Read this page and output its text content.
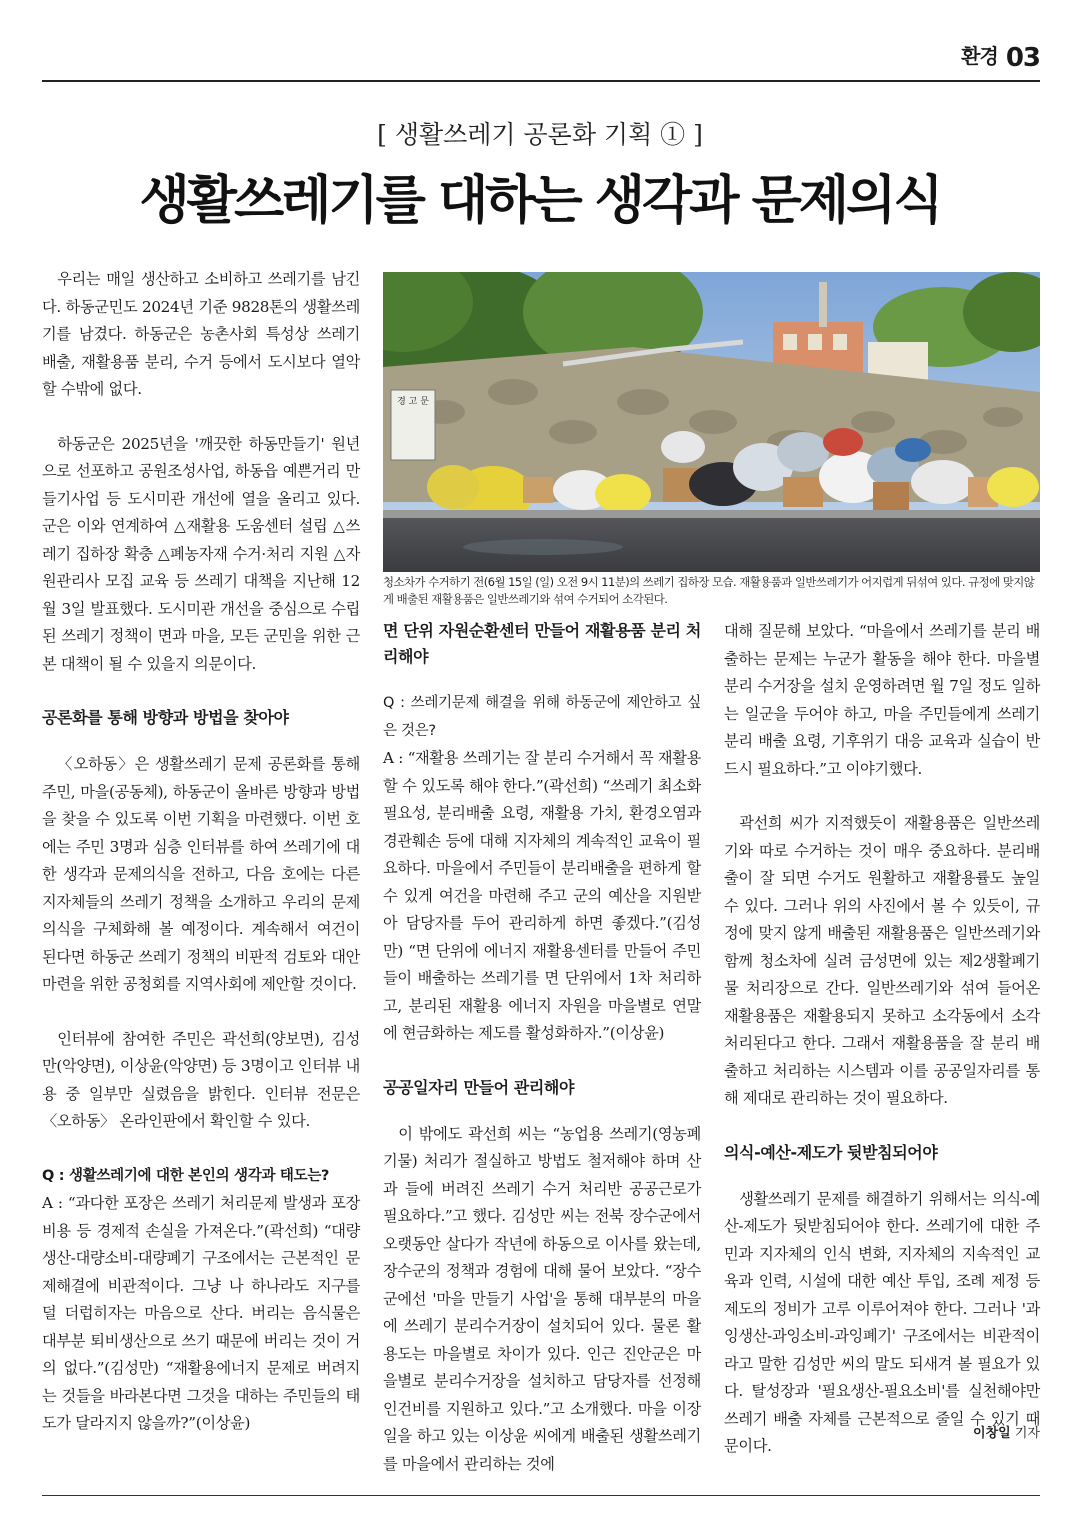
환경 03
[ 생활쓰레기 공론화 기획 ① ]
생활쓰레기를 대하는 생각과 문제의식

우리는 매일 생산하고 소비하고 쓰레기를 남긴다. 하동군민도 2024년 기준 9828톤의 생활쓰레기를 남겼다. 하동군은 농촌사회 특성상 쓰레기 배출, 재활용품 분리, 수거 등에서 도시보다 열악할 수밖에 없다.

하동군은 2025년을 '깨끗한 하동만들기' 원년으로 선포하고 공원조성사업, 하동읍 예쁜거리 만들기사업 등 도시미관 개선에 열을 올리고 있다. 군은 이와 연계하여 △재활용 도움센터 설립 △쓰레기 집하장 확충 △폐농자재 수거·처리 지원 △자원관리사 모집 교육 등 쓰레기 대책을 지난해 12월 3일 발표했다. 도시미관 개선을 중심으로 수립된 쓰레기 정책이 면과 마을, 모든 군민을 위한 근본 대책이 될 수 있을지 의문이다.

공론화를 통해 방향과 방법을 찾아야

〈오하동〉은 생활쓰레기 문제 공론화를 통해 주민, 마을(공동체), 하동군이 올바른 방향과 방법을 찾을 수 있도록 이번 기획을 마련했다. 이번 호에는 주민 3명과 심층 인터뷰를 하여 쓰레기에 대한 생각과 문제의식을 전하고, 다음 호에는 다른 지자체들의 쓰레기 정책을 소개하고 우리의 문제의식을 구체화해 볼 예정이다. 계속해서 여건이 된다면 하동군 쓰레기 정책의 비판적 검토와 대안 마련을 위한 공청회를 지역사회에 제안할 것이다.

인터뷰에 참여한 주민은 곽선희(양보면), 김성만(악양면), 이상윤(악양면) 등 3명이고 인터뷰 내용 중 일부만 실렸음을 밝힌다. 인터뷰 전문은 〈오하동〉 온라인판에서 확인할 수 있다.

Q : 생활쓰레기에 대한 본인의 생각과 태도는?

A : “과다한 포장은 쓰레기 처리문제 발생과 포장비용 등 경제적 손실을 가져온다.”(곽선희) “대량생산-대량소비-대량폐기 구조에서는 근본적인 문제해결에 비관적이다. 그냥 나 하나라도 지구를 덜 더럽히자는 마음으로 산다. 버리는 음식물은 대부분 퇴비생산으로 쓰기 때문에 버리는 것이 거의 없다.”(김성만) “재활용에너지 문제로 버려지는 것들을 바라본다면 그것을 대하는 주민들의 태도가 달라지지 않을까?”(이상윤)

경 고 문
청소차가 수거하기 전(6월 15일 (일) 오전 9시 11분)의 쓰레기 집하장 모습. 재활용품과 일반쓰레기가 어지럽게 뒤섞여 있다. 규정에 맞지않게 배출된 재활용품은 일반쓰레기와 섞여 수거되어 소각된다.
면 단위 자원순환센터 만들어 재활용품 분리 처리해야

Q : 쓰레기문제 해결을 위해 하동군에 제안하고 싶은 것은?

A : “재활용 쓰레기는 잘 분리 수거해서 꼭 재활용할 수 있도록 해야 한다.”(곽선희) “쓰레기 최소화 필요성, 분리배출 요령, 재활용 가치, 환경오염과 경관훼손 등에 대해 지자체의 계속적인 교육이 필요하다. 마을에서 주민들이 분리배출을 편하게 할 수 있게 여건을 마련해 주고 군의 예산을 지원받아 담당자를 두어 관리하게 하면 좋겠다.”(김성만) “면 단위에 에너지 재활용센터를 만들어 주민들이 배출하는 쓰레기를 면 단위에서 1차 처리하고, 분리된 재활용 에너지 자원을 마을별로 연말에 현금화하는 제도를 활성화하자.”(이상윤)

공공일자리 만들어 관리해야

이 밖에도 곽선희 씨는 “농업용 쓰레기(영농폐기물) 처리가 절실하고 방법도 철저해야 하며 산과 들에 버려진 쓰레기 수거 처리반 공공근로가 필요하다.”고 했다. 김성만 씨는 전북 장수군에서 오랫동안 살다가 작년에 하동으로 이사를 왔는데, 장수군의 정책과 경험에 대해 물어 보았다. “장수군에선 '마을 만들기 사업'을 통해 대부분의 마을에 쓰레기 분리수거장이 설치되어 있다. 물론 활용도는 마을별로 차이가 있다. 인근 진안군은 마을별로 분리수거장을 설치하고 담당자를 선정해 인건비를 지원하고 있다.”고 소개했다. 마을 이장일을 하고 있는 이상윤 씨에게 배출된 생활쓰레기를 마을에서 관리하는 것에

대해 질문해 보았다. “마을에서 쓰레기를 분리 배출하는 문제는 누군가 활동을 해야 한다. 마을별 분리 수거장을 설치 운영하려면 월 7일 정도 일하는 일군을 두어야 하고, 마을 주민들에게 쓰레기 분리 배출 요령, 기후위기 대응 교육과 실습이 반드시 필요하다.”고 이야기했다.

곽선희 씨가 지적했듯이 재활용품은 일반쓰레기와 따로 수거하는 것이 매우 중요하다. 분리배출이 잘 되면 수거도 원활하고 재활용률도 높일 수 있다. 그러나 위의 사진에서 볼 수 있듯이, 규정에 맞지 않게 배출된 재활용품은 일반쓰레기와 함께 청소차에 실려 금성면에 있는 제2생활폐기물 처리장으로 간다. 일반쓰레기와 섞여 들어온 재활용품은 재활용되지 못하고 소각동에서 소각 처리된다고 한다. 그래서 재활용품을 잘 분리 배출하고 처리하는 시스템과 이를 공공일자리를 통해 제대로 관리하는 것이 필요하다.

의식-예산-제도가 뒷받침되어야

생활쓰레기 문제를 해결하기 위해서는 의식-예산-제도가 뒷받침되어야 한다. 쓰레기에 대한 주민과 지자체의 인식 변화, 지자체의 지속적인 교육과 인력, 시설에 대한 예산 투입, 조례 제정 등 제도의 정비가 고루 이루어져야 한다. 그러나 '과잉생산-과잉소비-과잉폐기' 구조에서는 비관적이라고 말한 김성만 씨의 말도 되새겨 볼 필요가 있다. 탈성장과 '필요생산-필요소비'를 실천해야만 쓰레기 배출 자체를 근본적으로 줄일 수 있기 때문이다.

이창일 기자
